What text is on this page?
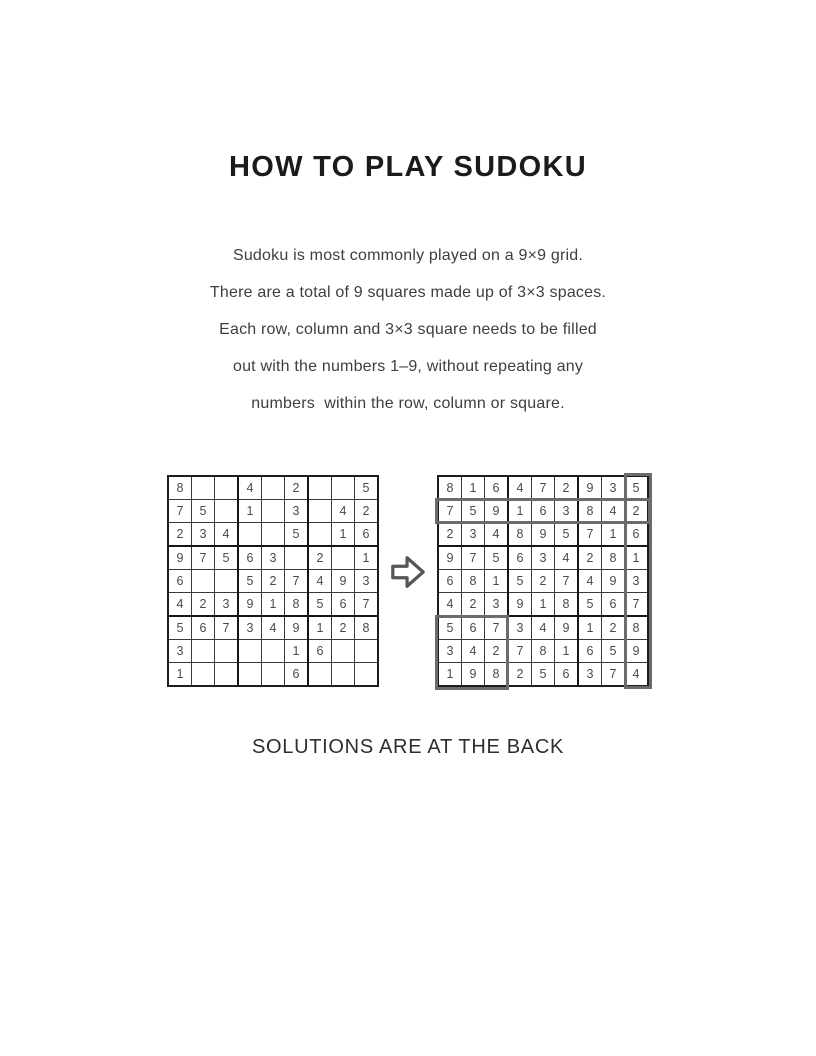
HOW TO PLAY SUDOKU
Sudoku is most commonly played on a 9×9 grid.
There are a total of 9 squares made up of 3×3 spaces.
Each row, column and 3×3 square needs to be filled
out with the numbers 1–9, without repeating any
numbers  within the row, column or square.
8			4		2			5
7	5		1		3		4	2
2	3	4			5		1	6
9	7	5	6	3		2		1
6			5	2	7	4	9	3
4	2	3	9	1	8	5	6	7
5	6	7	3	4	9	1	2	8
3					1	6		
1					6			
8	1	6	4	7	2	9	3	5
7	5	9	1	6	3	8	4	2
2	3	4	8	9	5	7	1	6
9	7	5	6	3	4	2	8	1
6	8	1	5	2	7	4	9	3
4	2	3	9	1	8	5	6	7
5	6	7	3	4	9	1	2	8
3	4	2	7	8	1	6	5	9
1	9	8	2	5	6	3	7	4
SOLUTIONS ARE AT THE BACK
